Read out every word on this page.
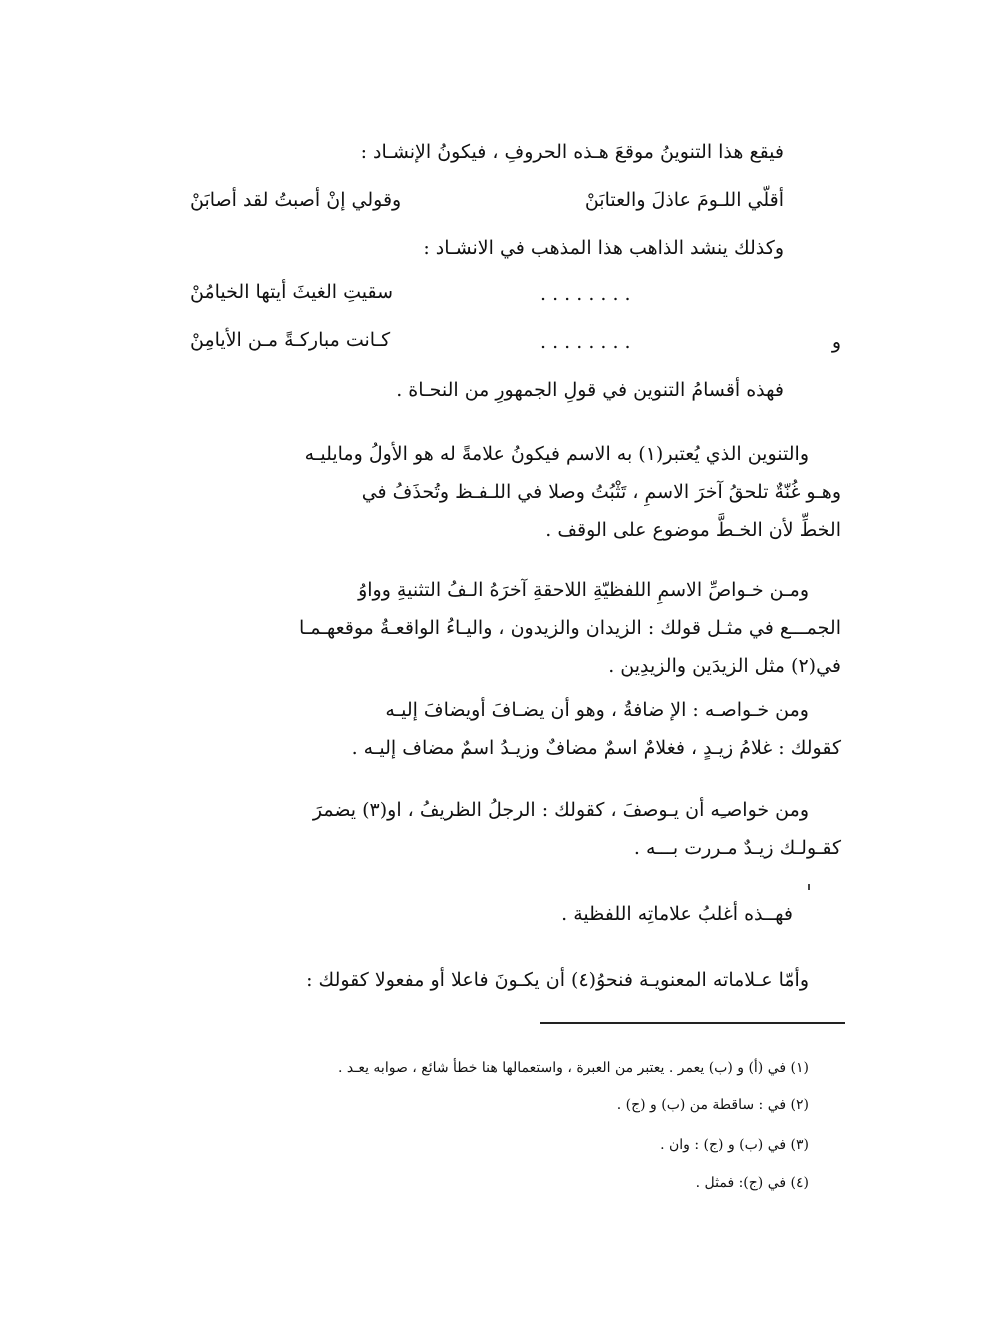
فيقع هذا التنوينُ موقعَ هـذه الحروفِ ، فيكونُ الإنشـاد :
أقلّي اللـومَ عاذلَ والعتابَنْ
وقولي إنْ أصبتُ لقد أصابَنْ
وكذلك ينشد الذاهب هذا المذهب في الانشـاد :
. . . . . . . .
سقيتِ الغيثَ أيتها الخيامُنْ
و
. . . . . . . .
كـانت مباركـةً مـن الأيامِنْ
فهذه أقسامُ التنوين في قولِ الجمهورِ من النحـاة .
والتنوين الذي يُعتبر(١) به الاسم فيكونُ علامةً له هو الأولُ ومايليـه
وهـو غُنّةٌ تلحقُ آخرَ الاسمِ ، تَثْبُتُ وصلا في اللـفـظ وتُحذَفُ في
الخطِّ لأن الخـطَّ موضوع على الوقف .
ومـن خـواصِّ الاسمِ اللفظيّةِ اللاحقةِ آخرَهُ الـفُ التثنيةِ وواوُ
الجمـــع في مثـل قولك : الزيدان والزيدون ، واليـاءُ الواقعـةُ موقعهـمـا
في(٢) مثل الزيدَين والزيدِين .
ومن خـواصـه : الإ ضافةُ ، وهو أن يضـافَ أويضافَ إليـه
كقولك : غلامُ زيـدٍ ، فغلامٌ اسمٌ مضافٌ وزيـدُ اسمٌ مضاف إليـه .
ومن خواصـِه أن يـوصفَ ، كقولك : الرجلُ الظريفُ ، او(٣) يضمرَ
كقـولـك زيـدٌ مـررت بـــه .
فهــذه أغلبُ علاماتِه اللفظية .
وأمّا عـلاماته المعنويـة فنحوُ(٤) أن يكـونَ فاعلا أو مفعولا كقولك :
(١) في (أ) و (ب) يعمر . يعتبر من العبرة ، واستعمالها هنا خطأ شائع ، صوابه يعـد .
(٢) في : ساقطة من (ب) و (ج) .
(٣) في (ب) و (ج) : وان .
(٤) في (ج): فمثل .
